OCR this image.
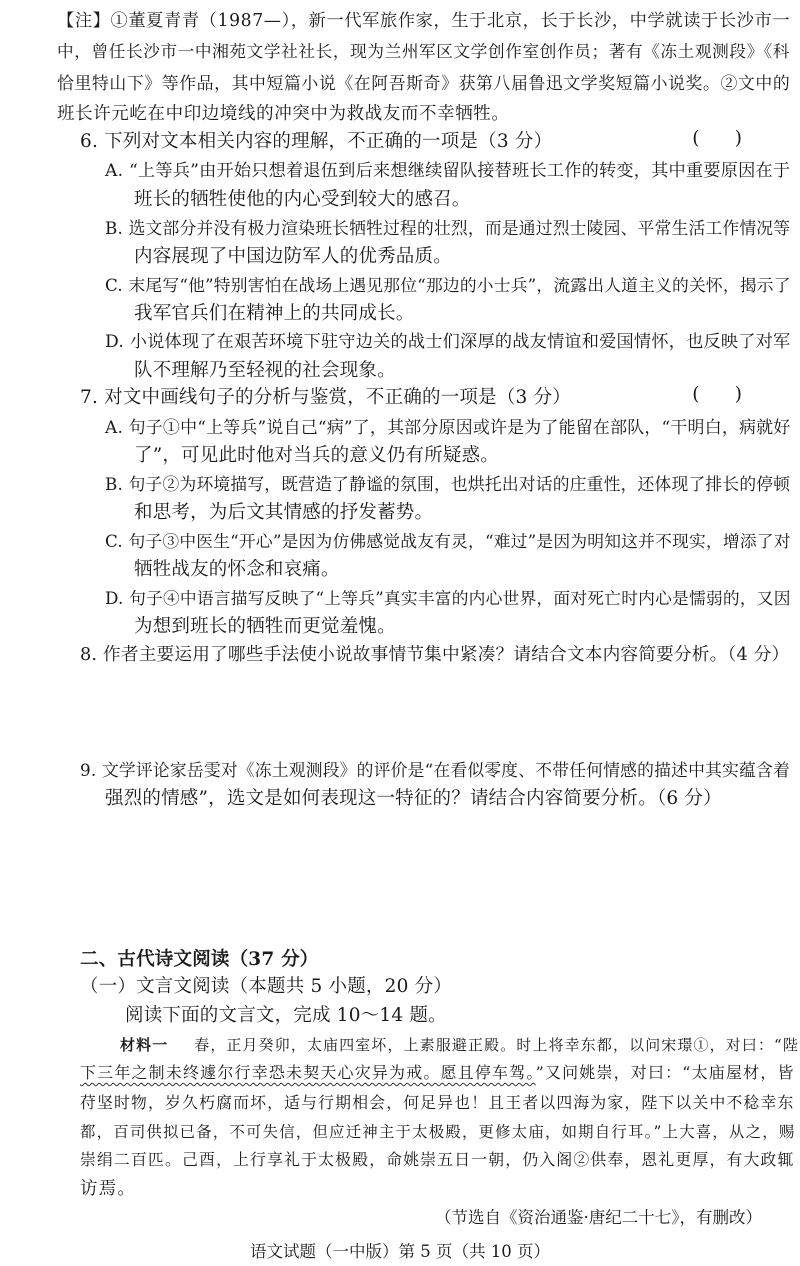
【注】①董夏青青（1987—），新一代军旅作家，生于北京，长于长沙，中学就读于长沙市一
中，曾任长沙市一中湘苑文学社社长，现为兰州军区文学创作室创作员；著有《冻土观测段》《科
恰里特山下》等作品，其中短篇小说《在阿吾斯奇》获第八届鲁迅文学奖短篇小说奖。②文中的
班长许元屹在中印边境线的冲突中为救战友而不幸牺牲。
6. 下列对文本相关内容的理解，不正确的一项是（3 分）	(      )
A. “上等兵”由开始只想着退伍到后来想继续留队接替班长工作的转变，其中重要原因在于
班长的牺牲使他的内心受到较大的感召。
B. 选文部分并没有极力渲染班长牺牲过程的壮烈，而是通过烈士陵园、平常生活工作情况等
内容展现了中国边防军人的优秀品质。
C. 末尾写“他”特别害怕在战场上遇见那位“那边的小士兵”，流露出人道主义的关怀，揭示了
我军官兵们在精神上的共同成长。
D. 小说体现了在艰苦环境下驻守边关的战士们深厚的战友情谊和爱国情怀，也反映了对军
队不理解乃至轻视的社会现象。
7. 对文中画线句子的分析与鉴赏，不正确的一项是（3 分）	(      )
A. 句子①中“上等兵”说自己“病”了，其部分原因或许是为了能留在部队，“干明白，病就好
了”，可见此时他对当兵的意义仍有所疑惑。
B. 句子②为环境描写，既营造了静谧的氛围，也烘托出对话的庄重性，还体现了排长的停顿
和思考，为后文其情感的抒发蓄势。
C. 句子③中医生“开心”是因为仿佛感觉战友有灵，“难过”是因为明知这并不现实，增添了对
牺牲战友的怀念和哀痛。
D. 句子④中语言描写反映了“上等兵”真实丰富的内心世界，面对死亡时内心是懦弱的，又因
为想到班长的牺牲而更觉羞愧。
8. 作者主要运用了哪些手法使小说故事情节集中紧凑？请结合文本内容简要分析。（4 分）
9. 文学评论家岳雯对《冻土观测段》的评价是“在看似零度、不带任何情感的描述中其实蕴含着
强烈的情感”，选文是如何表现这一特征的？请结合内容简要分析。（6 分）
二、古代诗文阅读（37 分）
（一）文言文阅读（本题共 5 小题，20 分）
阅读下面的文言文，完成 10～14 题。
材料一 春，正月癸卯，太庙四室坏，上素服避正殿。时上将幸东都，以问宋璟①，对曰：“陛
下三年之制未终遽尔行幸恐未契天心灾异为戒。愿且停车驾。”又问姚崇，对曰：“太庙屋材，皆
苻坚时物，岁久朽腐而坏，适与行期相会，何足异也！且王者以四海为家，陛下以关中不稔幸东
都，百司供拟已备，不可失信，但应迁神主于太极殿，更修太庙，如期自行耳。”上大喜，从之，赐
崇绢二百匹。己酉，上行享礼于太极殿，命姚崇五日一朝，仍入阁②供奉，恩礼更厚，有大政辄
访焉。
（节选自《资治通鉴·唐纪二十七》，有删改）
语文试题（一中版）第 5 页（共 10 页）
